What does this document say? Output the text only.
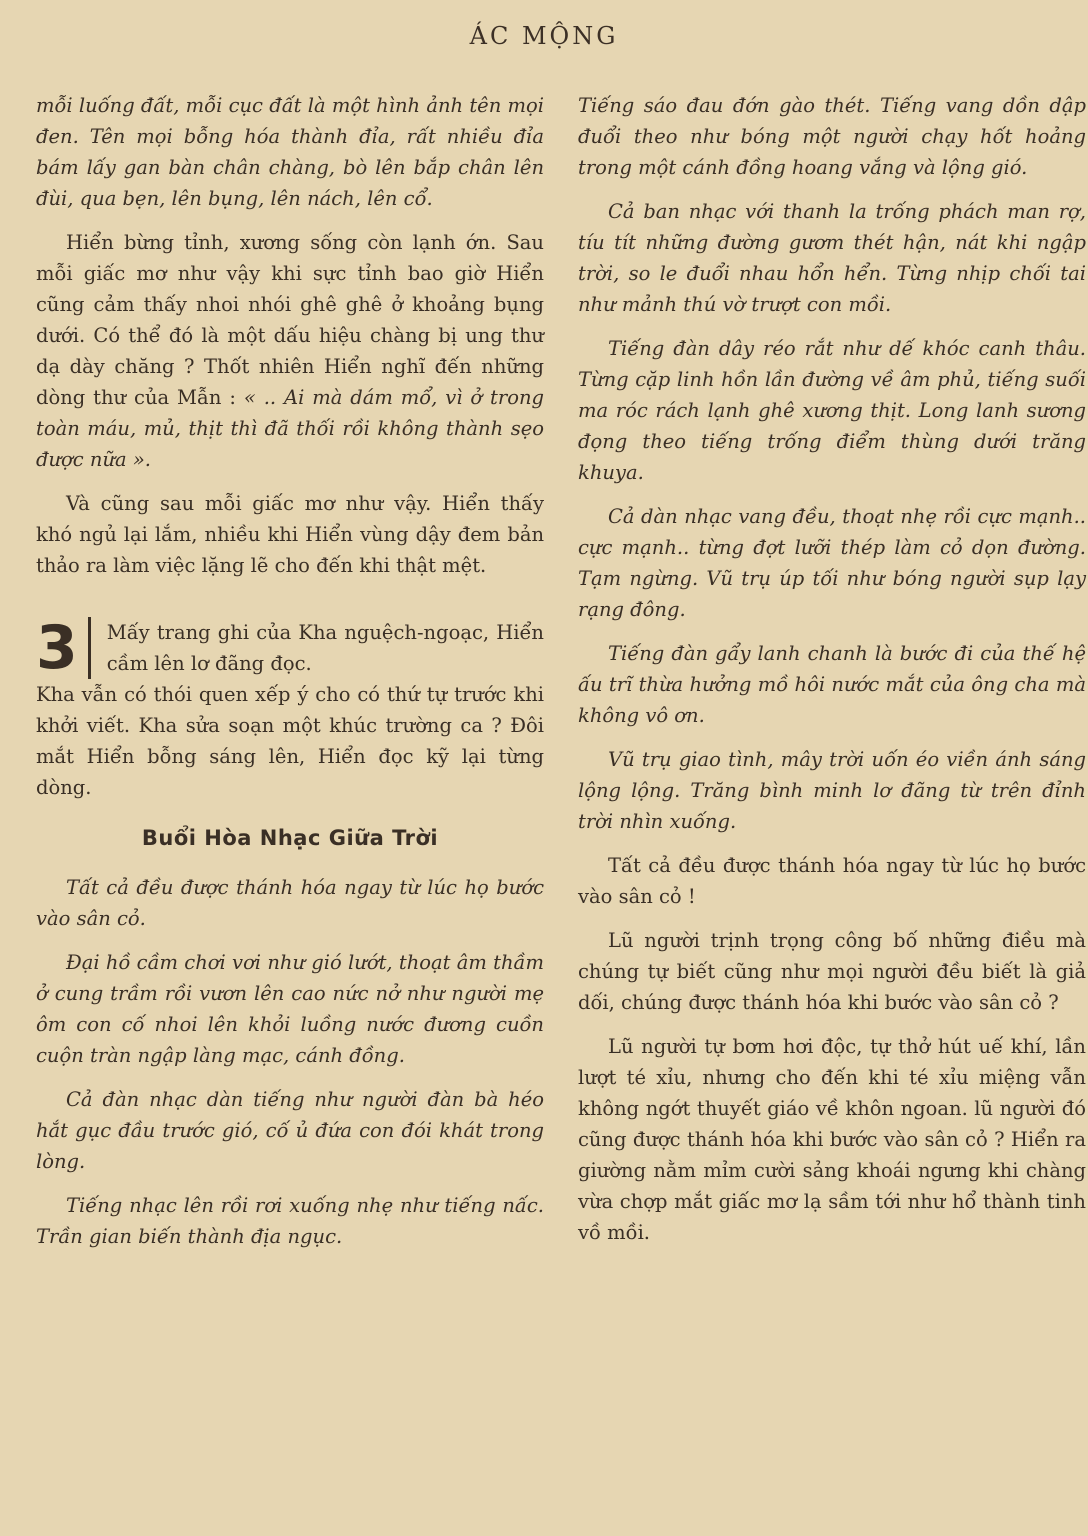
ÁC MỘNG

mỗi luống đất, mỗi cục đất là một hình ảnh tên mọi đen. Tên mọi bỗng hóa thành đỉa, rất nhiều đỉa bám lấy gan bàn chân chàng, bò lên bắp chân lên đùi, qua bẹn, lên bụng, lên nách, lên cổ.

Hiển bừng tỉnh, xương sống còn lạnh ớn. Sau mỗi giấc mơ như vậy khi sực tỉnh bao giờ Hiển cũng cảm thấy nhoi nhói ghê ghê ở khoảng bụng dưới. Có thể đó là một dấu hiệu chàng bị ung thư dạ dày chăng ? Thốt nhiên Hiển nghĩ đến những dòng thư của Mẫn : « .. Ai mà dám mổ, vì ở trong toàn máu, mủ, thịt thì đã thối rồi không thành sẹo được nữa ».

Và cũng sau mỗi giấc mơ như vậy. Hiển thấy khó ngủ lại lắm, nhiều khi Hiển vùng dậy đem bản thảo ra làm việc lặng lẽ cho đến khi thật mệt.

3	Mấy trang ghi của Kha nguệch-ngoạc, Hiển cầm lên lơ đãng đọc.

Kha vẫn có thói quen xếp ý cho có thứ tự trước khi khởi viết. Kha sửa soạn một khúc trường ca ? Đôi mắt Hiển bỗng sáng lên, Hiển đọc kỹ lại từng dòng.

Buổi Hòa Nhạc Giữa Trời

Tất cả đều được thánh hóa ngay từ lúc họ bước vào sân cỏ.

Đại hồ cầm chơi vơi như gió lướt, thoạt âm thầm ở cung trầm rồi vươn lên cao nức nở như người mẹ ôm con cố nhoi lên khỏi luồng nước đương cuồn cuộn tràn ngập làng mạc, cánh đồng.

Cả đàn nhạc dàn tiếng như người đàn bà héo hắt gục đầu trước gió, cố ủ đứa con đói khát trong lòng.

Tiếng nhạc lên rồi rơi xuống nhẹ như tiếng nấc. Trần gian biến thành địa ngục.

Tiếng sáo đau đớn gào thét. Tiếng vang dồn dập đuổi theo như bóng một người chạy hốt hoảng trong một cánh đồng hoang vắng và lộng gió.

Cả ban nhạc với thanh la trống phách man rợ, tíu tít những đường gươm thét hận, nát khi ngập trời, so le đuổi nhau hổn hển. Từng nhịp chối tai như mảnh thú vờ trượt con mồi.

Tiếng đàn dây réo rắt như dế khóc canh thâu. Từng cặp linh hồn lần đường về âm phủ, tiếng suối ma róc rách lạnh ghê xương thịt. Long lanh sương đọng theo tiếng trống điểm thùng dưới trăng khuya.

Cả dàn nhạc vang đều, thoạt nhẹ rồi cực mạnh.. cực mạnh.. từng đợt lưỡi thép làm cỏ dọn đường. Tạm ngừng. Vũ trụ úp tối như bóng người sụp lạy rạng đông.

Tiếng đàn gẩy lanh chanh là bước đi của thế hệ ấu trĩ thừa hưởng mồ hôi nước mắt của ông cha mà không vô ơn.

Vũ trụ giao tình, mây trời uốn éo viền ánh sáng lộng lộng. Trăng bình minh lơ đãng từ trên đỉnh trời nhìn xuống.

Tất cả đều được thánh hóa ngay từ lúc họ bước vào sân cỏ !

Lũ người trịnh trọng công bố những điều mà chúng tự biết cũng như mọi người đều biết là giả dối, chúng được thánh hóa khi bước vào sân cỏ ?

Lũ người tự bơm hơi độc, tự thở hút uế khí, lần lượt té xỉu, nhưng cho đến khi té xỉu miệng vẫn không ngớt thuyết giáo về khôn ngoan. lũ người đó cũng được thánh hóa khi bước vào sân cỏ ? Hiển ra giường nằm mỉm cười sảng khoái ngưng khi chàng vừa chợp mắt giấc mơ lạ sầm tới như hổ thành tinh vồ mồi.
